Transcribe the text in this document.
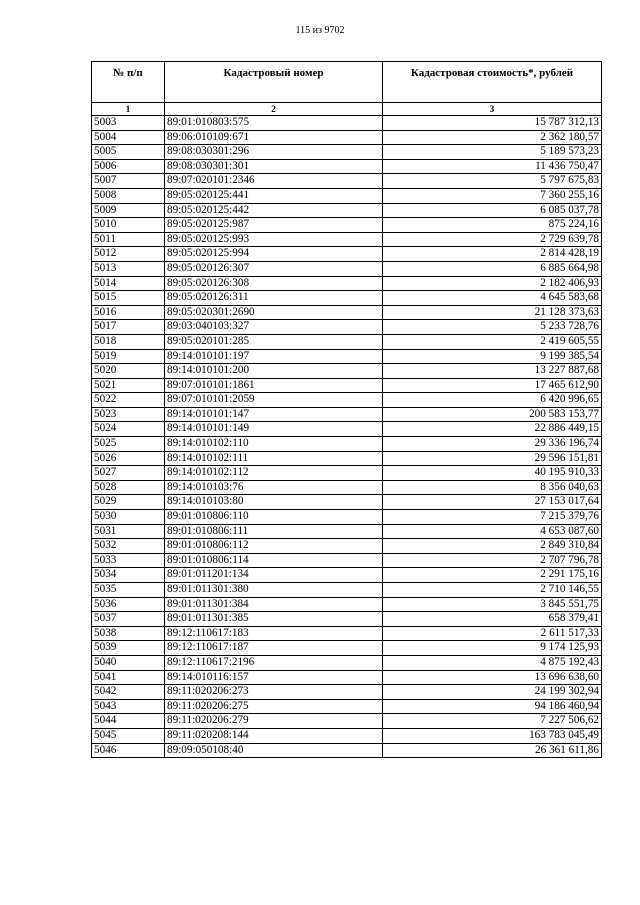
115 из 9702
№ п/п	Кадастровый номер	Кадастровая стоимость*, рублей
1	2	3
5003	89:01:010803:575	15 787 312,13
5004	89:06:010109:671	2 362 180,57
5005	89:08:030301:296	5 189 573,23
5006	89:08:030301:301	11 436 750,47
5007	89:07:020101:2346	5 797 675,83
5008	89:05:020125:441	7 360 255,16
5009	89:05:020125:442	6 085 037,78
5010	89:05:020125:987	875 224,16
5011	89:05:020125:993	2 729 639,78
5012	89:05:020125:994	2 814 428,19
5013	89:05:020126:307	6 885 664,98
5014	89:05:020126:308	2 182 406,93
5015	89:05:020126:311	4 645 583,68
5016	89:05:020301:2690	21 128 373,63
5017	89:03:040103:327	5 233 728,76
5018	89:05:020101:285	2 419 605,55
5019	89:14:010101:197	9 199 385,54
5020	89:14:010101:200	13 227 887,68
5021	89:07:010101:1861	17 465 612,90
5022	89:07:010101:2059	6 420 996,65
5023	89:14:010101:147	200 583 153,77
5024	89:14:010101:149	22 886 449,15
5025	89:14:010102:110	29 336 196,74
5026	89:14:010102:111	29 596 151,81
5027	89:14:010102:112	40 195 910,33
5028	89:14:010103:76	8 356 040,63
5029	89:14:010103:80	27 153 017,64
5030	89:01:010806:110	7 215 379,76
5031	89:01:010806:111	4 653 087,60
5032	89:01:010806:112	2 849 310,84
5033	89:01:010806:114	2 707 796,78
5034	89:01:011201:134	2 291 175,16
5035	89:01:011301:380	2 710 146,55
5036	89:01:011301:384	3 845 551,75
5037	89:01:011301:385	658 379,41
5038	89:12:110617:183	2 611 517,33
5039	89:12:110617:187	9 174 125,93
5040	89:12:110617:2196	4 875 192,43
5041	89:14:010116:157	13 696 638,60
5042	89:11:020206:273	24 199 302,94
5043	89:11:020206:275	94 186 460,94
5044	89:11:020206:279	7 227 506,62
5045	89:11:020208:144	163 783 045,49
5046	89:09:050108:40	26 361 611,86
